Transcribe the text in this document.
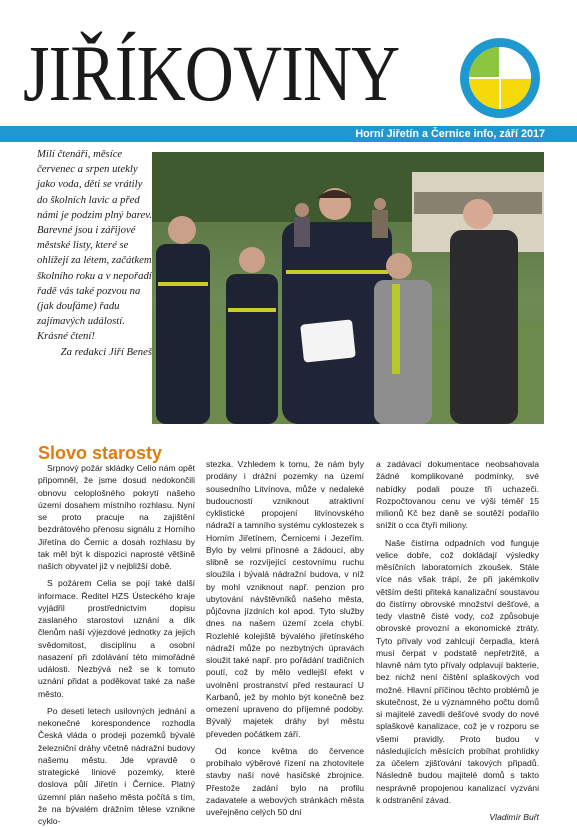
JIŘÍKOVINY
Horní Jiřetín a Černice info, září 2017
Milí čtenáři, měsíce červenec a srpen utekly jako voda, děti se vrátily do školních lavic a před námi je podzim plný barev. Barevné jsou i zářijové městské listy, které se ohlížejí za létem, začátkem školního roku a v nepořadí řadě vás také pozvou na (jak doufáme) řadu zajímavých událostí. Krásné čtení!
Za redakci Jiří Beneš
Slovo starosty

Srpnový požár skládky Celio nám opět připomněl, že jsme dosud nedokončili obnovu celoplošného pokrytí našeho území dosahem místního rozhlasu. Nyní se proto pracuje na zajištění bezdrátového přenosu signálu z Horního Jiřetína do Černic a dosah rozhlasu by tak měl být k dispozici naprosté většině našich obyvatel již v nejbližší době.

S požárem Celia se pojí také další informace. Ředitel HZS Ústeckého kraje vyjádřil prostřednictvím dopisu zaslaného starostovi uznání a dík členům naší výjezdové jednotky za jejich svědomitost, disciplínu a osobní nasazení při zdolávání této mimořádné události. Nezbývá než se k tomuto uznání přidat a poděkovat také za naše město.

Po deseti letech usilovných jednání a nekonečné korespondence rozhodla Česká vláda o prodeji pozemků bývalé železniční dráhy včetně nádražní budovy našemu městu. Jde vpravdě o strategické liniové pozemky, které doslova půlí Jiřetín i Černice. Platný územní plán našeho města počítá s tím, že na bývalém drážním tělese vznikne cyklo-

stezka. Vzhledem k tomu, že nám byly prodány i drážní pozemky na území sousedního Litvínova, může v nedaleké budoucnosti vzniknout atraktivní cyklistické propojení litvínovského nádraží a tamního systému cyklostezek s Horním Jiřetínem, Černicemi i Jezeřím. Bylo by velmi přínosné a žádoucí, aby slibně se rozvíjející cestovnímu ruchu sloužila i bývalá nádražní budova, v níž by mohl vzniknout např. penzion pro ubytování návštěvníků našeho města, půjčovna jízdních kol apod. Tyto služby dnes na našem území zcela chybí. Rozlehlé kolejiště bývalého jiřetínského nádraží může po nezbytných úpravách sloužit také např. pro pořádání tradičních poutí, což by mělo vedlejší efekt v uvolnění prostranství před restaurací U Karbanů, jež by mohlo být konečně bez omezení upraveno do příjemné podoby. Bývalý majetek dráhy byl městu převeden počátkem září.

Od konce května do července probíhalo výběrové řízení na zhotovitele stavby naší nové hasičské zbrojnice. Přestože zadání bylo na profilu zadavatele a webových stránkách města uveřejněno celých 50 dní

a zadávací dokumentace neobsahovala žádné komplikované podmínky, své nabídky podali pouze tři uchazeči. Rozpočtovanou cenu ve výši téměř 15 milionů Kč bez daně se soutěží podařilo snížit o cca čtyři miliony.

Naše čistírna odpadních vod funguje velice dobře, což dokládají výsledky měsíčních laboratorních zkoušek. Stále více nás však trápí, že při jakémkoliv větším dešti přiteká kanalizační soustavou do čistírny obrovské množství dešťové, a tedy vlastně čisté vody, což způsobuje obrovské provozní a ekonomické ztráty. Tyto přívaly vod zahlcují čerpadla, která musí čerpat v podstatě nepřetržitě, a hlavně nám tyto přívaly odplavují bakterie, bez nichž není čištění splaškových vod možné. Hlavní příčinou těchto problémů je skutečnost, že u významného počtu domů si majitelé zavedli dešťové svody do nové splaškové kanalizace, což je v rozporu se všemi pravidly. Proto budou v následujících měsících probíhat prohlídky za účelem zjišťování takových připadů. Následně budou majitelé domů s takto nesprávně propojenou kanalizací vyzváni k odstranění závad.

Vladimír Buřt
